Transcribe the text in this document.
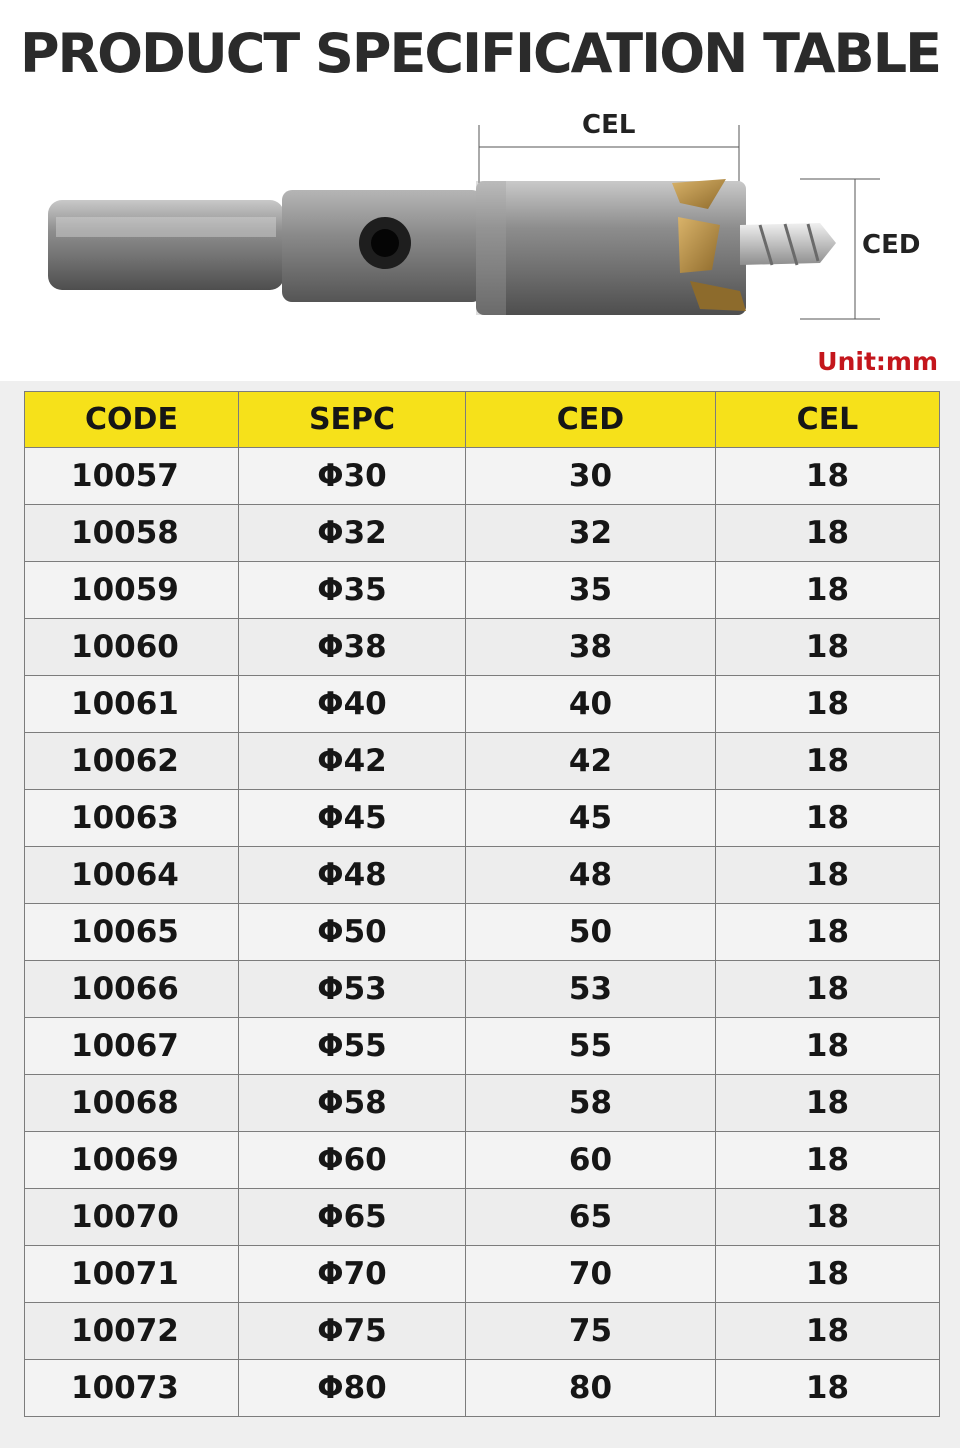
PRODUCT SPECIFICATION TABLE
CEL
CED
Unit:mm
CODE	SEPC	CED	CEL
10057	Φ30	30	18
10058	Φ32	32	18
10059	Φ35	35	18
10060	Φ38	38	18
10061	Φ40	40	18
10062	Φ42	42	18
10063	Φ45	45	18
10064	Φ48	48	18
10065	Φ50	50	18
10066	Φ53	53	18
10067	Φ55	55	18
10068	Φ58	58	18
10069	Φ60	60	18
10070	Φ65	65	18
10071	Φ70	70	18
10072	Φ75	75	18
10073	Φ80	80	18
